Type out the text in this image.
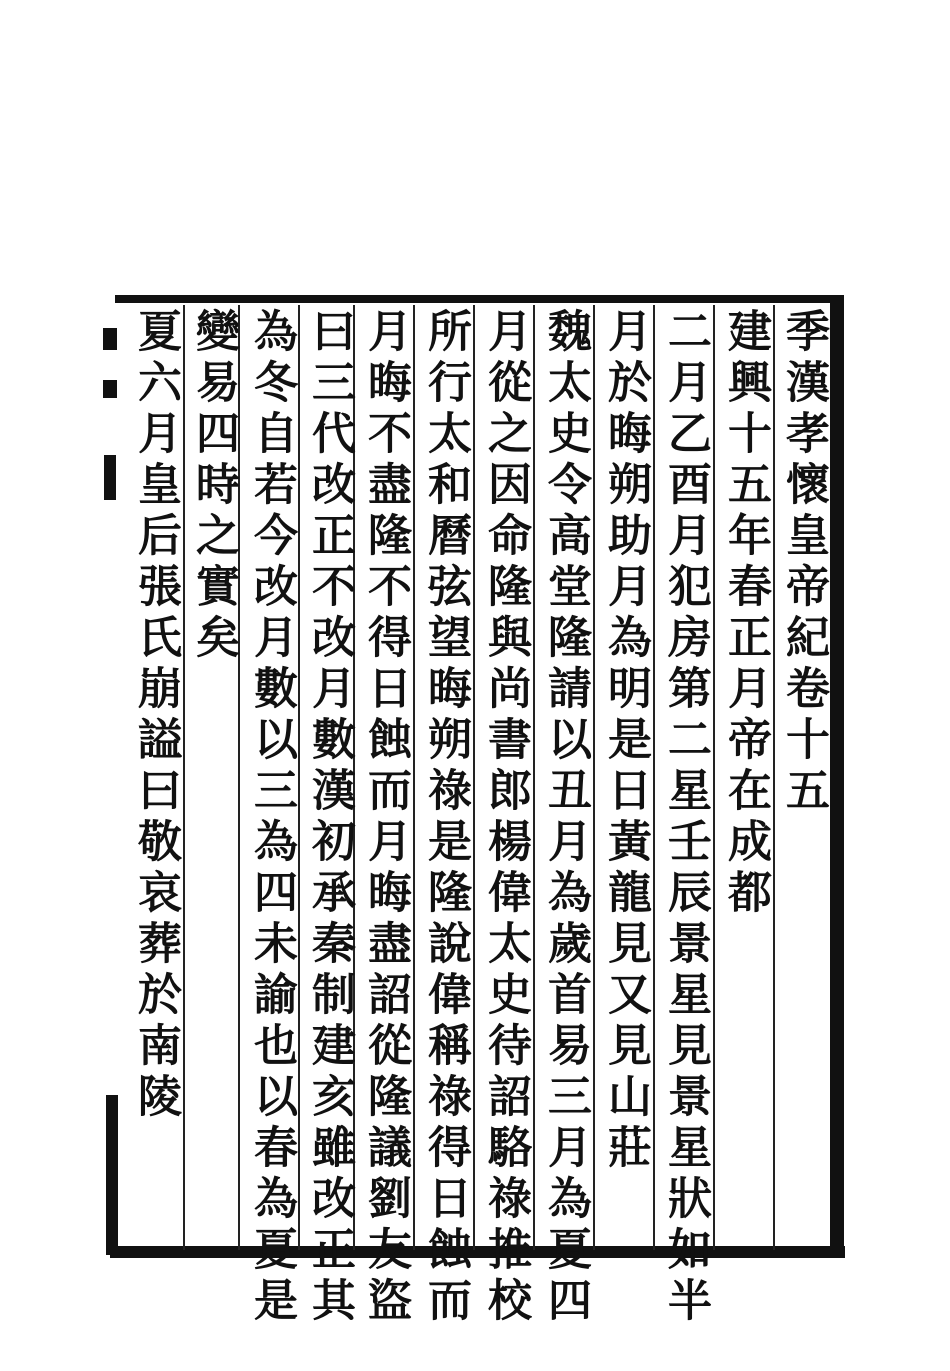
季漢孝懷皇帝紀卷十五
建興十五年春正月帝在成都
二月乙酉月犯房第二星壬辰景星見景星狀如半
月於晦朔助月為明是日黃龍見又見山莊
魏太史令高堂隆請以丑月為歲首易三月為夏四
月從之因命隆與尚書郎楊偉太史待詔駱祿推校
所行太和曆弦望晦朔祿是隆說偉稱祿得日蝕而
月晦不盡隆不得日蝕而月晦盡詔從隆議劉友盜
曰三代改正不改月數漢初承秦制建亥雖改正其
為冬自若今改月數以三為四未諭也以春為夏是
變易四時之實矣
夏六月皇后張氏崩謚曰敬哀葬於南陵
